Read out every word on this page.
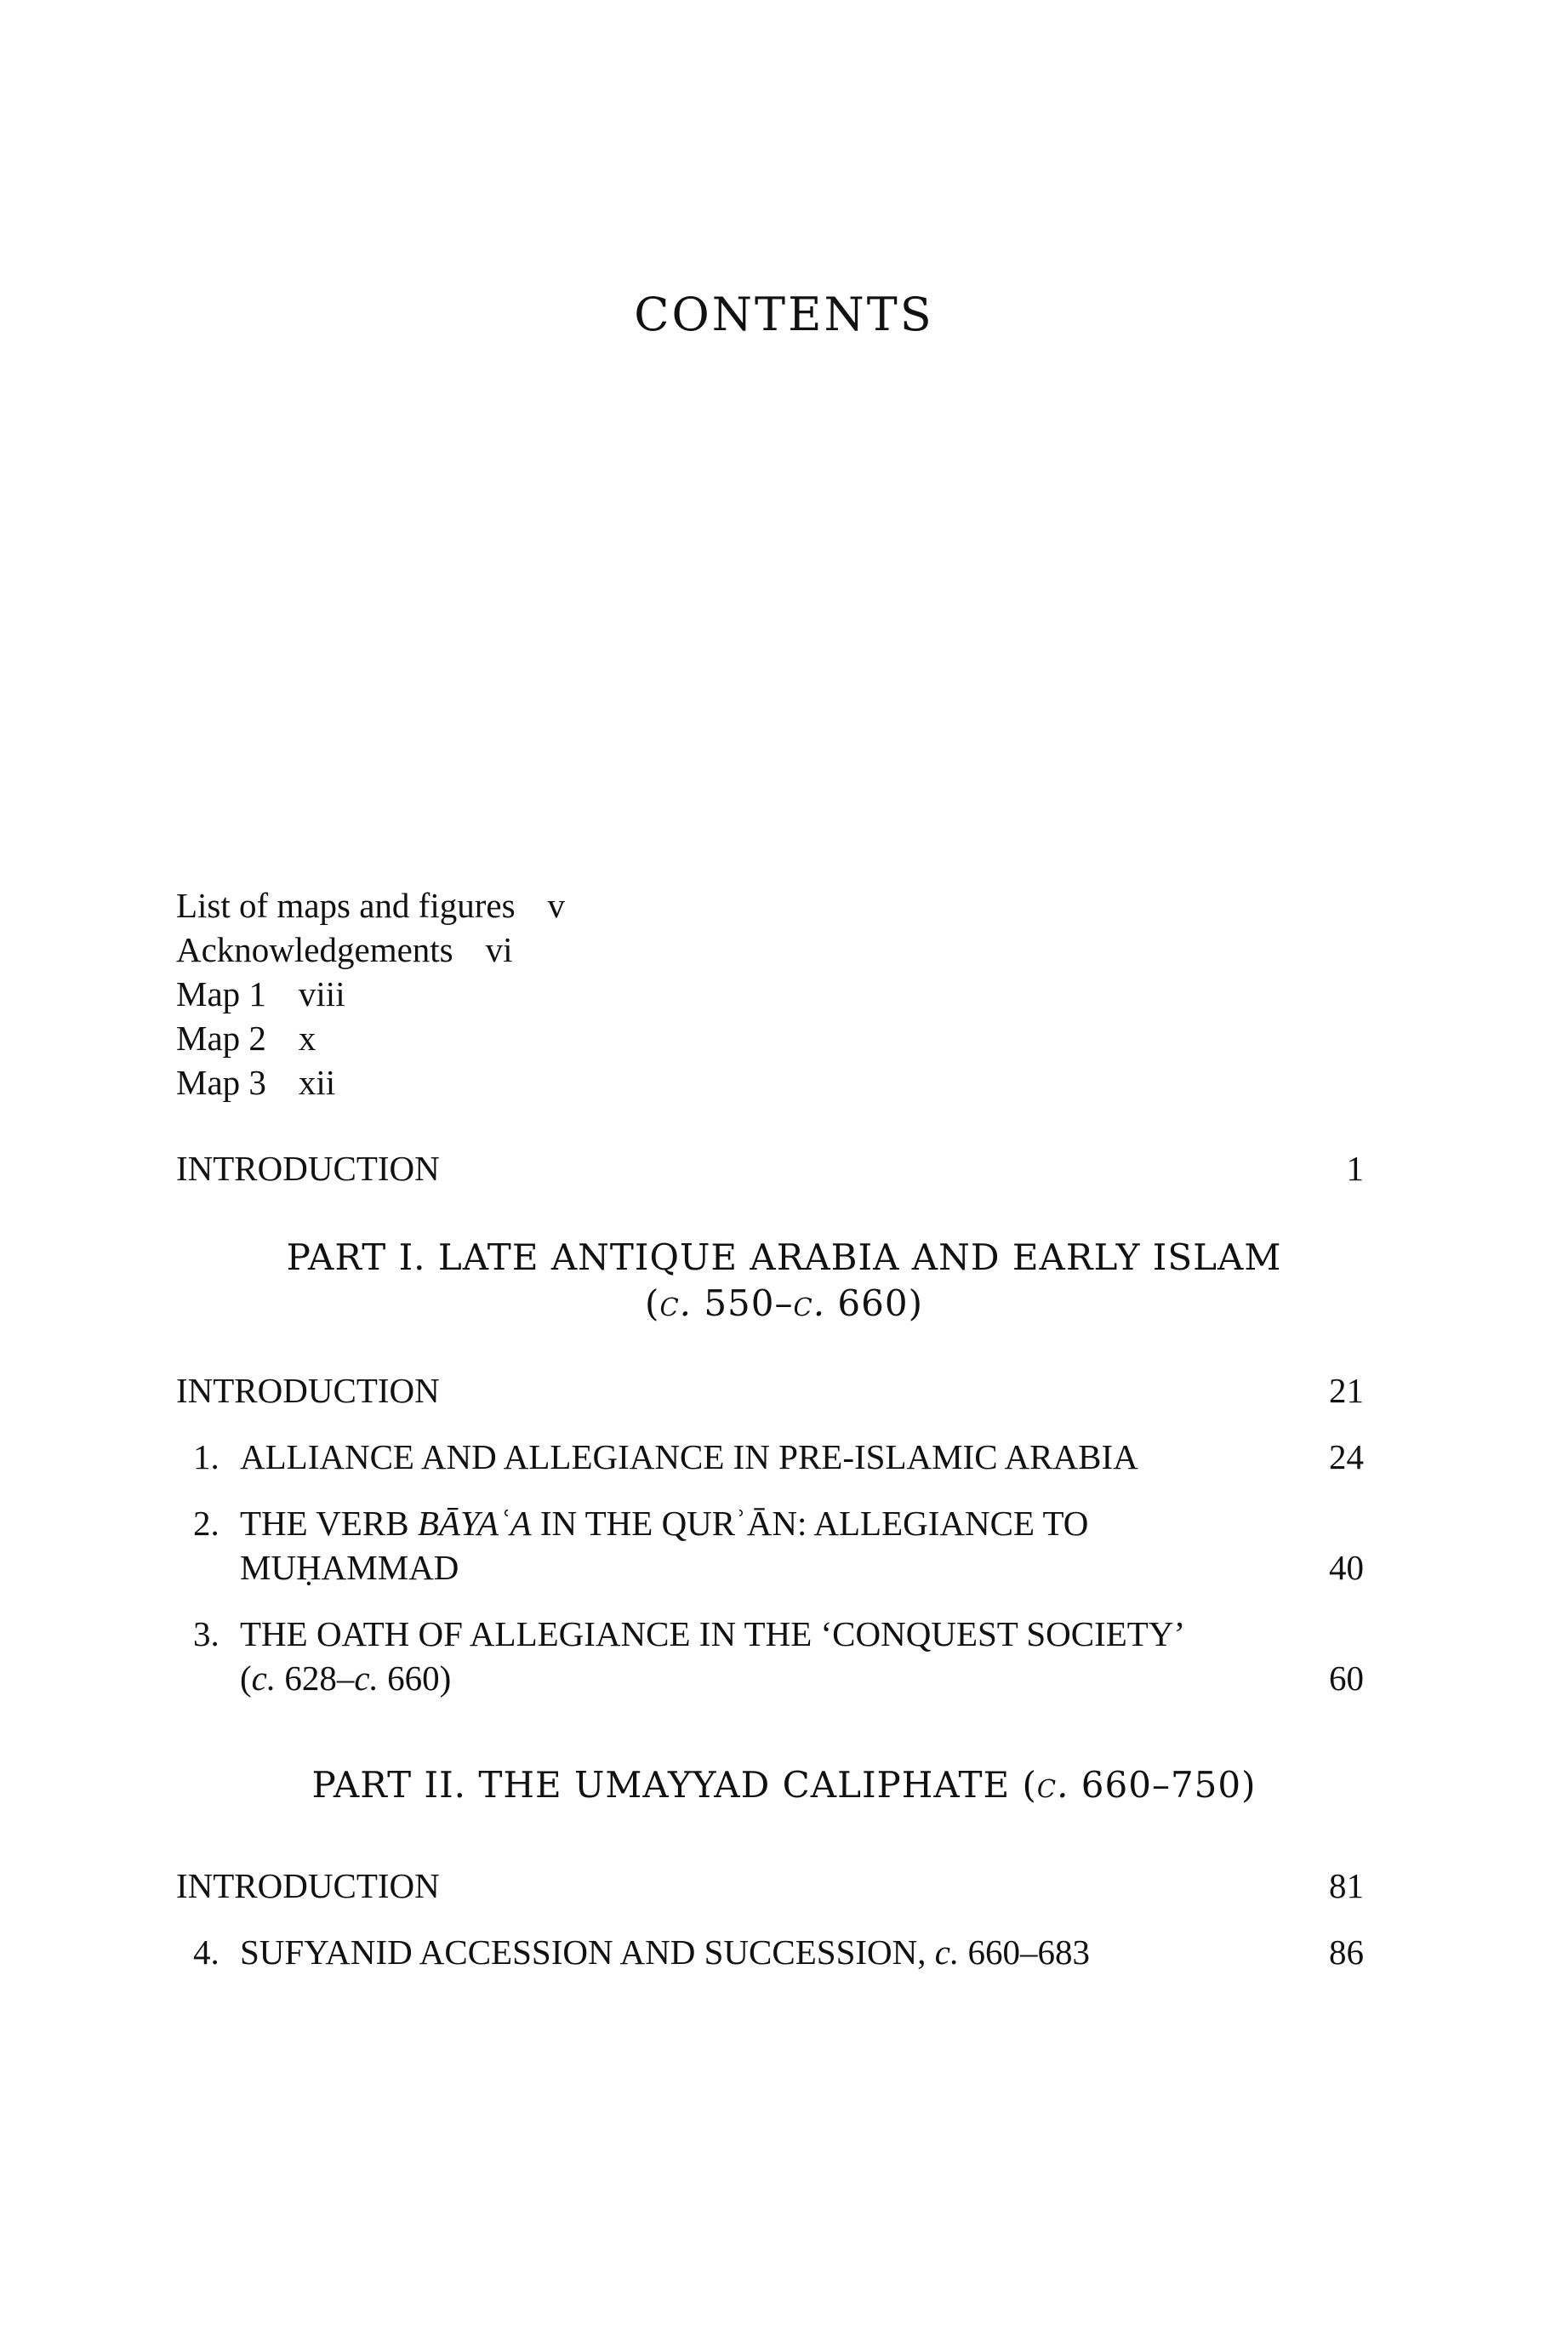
CONTENTS
List of maps and figures v
Acknowledgements vi
Map 1 viii
Map 2 x
Map 3 xii
INTRODUCTION	1
PART I. LATE ANTIQUE ARABIA AND EARLY ISLAM
(c. 550–c. 660)
INTRODUCTION	21
1. ALLIANCE AND ALLEGIANCE IN PRE-ISLAMIC ARABIA	24
2. THE VERB BĀYAʿA IN THE QURʾĀN: ALLEGIANCE TO
MUḤAMMAD	40
3. THE OATH OF ALLEGIANCE IN THE ‘CONQUEST SOCIETY’
(c. 628–c. 660)	60
PART II. THE UMAYYAD CALIPHATE (c. 660–750)
INTRODUCTION	81
4. SUFYANID ACCESSION AND SUCCESSION, c. 660–683	86
